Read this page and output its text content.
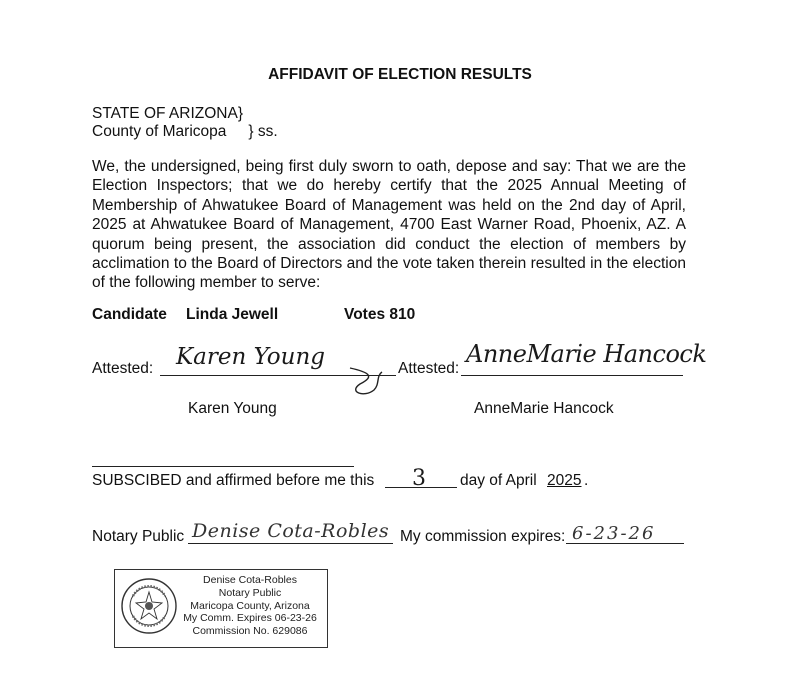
AFFIDAVIT OF ELECTION RESULTS
STATE OF ARIZONA}
County of Maricopa } ss.
We, the undersigned, being first duly sworn to oath, depose and say: That we are the Election Inspectors; that we do hereby certify that the 2025 Annual Meeting of Membership of Ahwatukee Board of Management was held on the 2nd day of April, 2025 at Ahwatukee Board of Management, 4700 East Warner Road, Phoenix, AZ. A quorum being present, the association did conduct the election of members by acclimation to the Board of Directors and the vote taken therein resulted in the election of the following member to serve:
Candidate Linda Jewell	Votes 810
Attested: Karen Young
Karen Young
Attested:
AnneMarie Hancock
AnneMarie Hancock
SUBSCIBED and affirmed before me this 3 day of April 2025 .
Notary Public Denise Cota-Robles My commission expires: 6-23-26
Denise Cota-Robles
Notary Public
Maricopa County, Arizona
My Comm. Expires 06-23-26
Commission No. 629086
